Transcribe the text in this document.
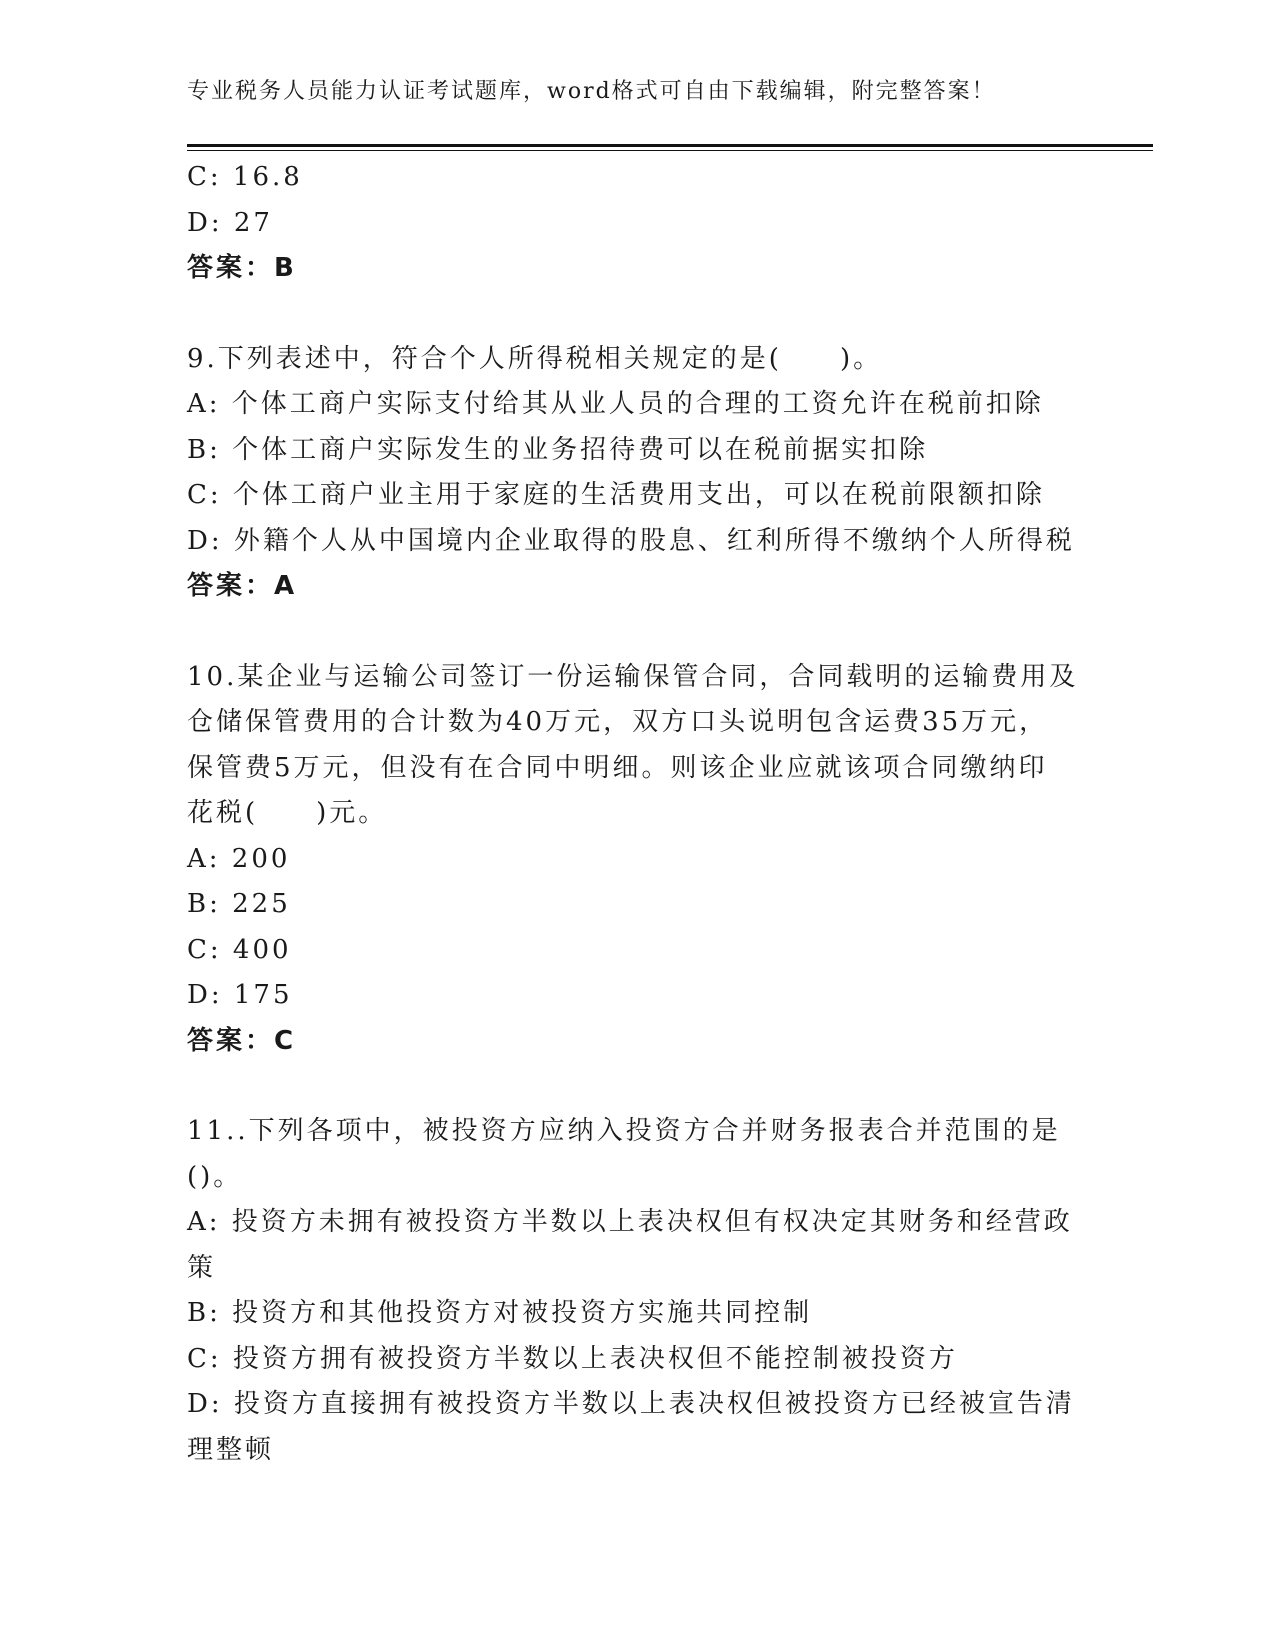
专业税务人员能力认证考试题库，word格式可自由下载编辑，附完整答案！
C: 16.8
D: 27
答案：B
9.下列表述中，符合个人所得税相关规定的是(　　)。
A: 个体工商户实际支付给其从业人员的合理的工资允许在税前扣除
B: 个体工商户实际发生的业务招待费可以在税前据实扣除
C: 个体工商户业主用于家庭的生活费用支出，可以在税前限额扣除
D: 外籍个人从中国境内企业取得的股息、红利所得不缴纳个人所得税
答案：A
10.某企业与运输公司签订一份运输保管合同，合同载明的运输费用及
仓储保管费用的合计数为40万元，双方口头说明包含运费35万元，
保管费5万元，但没有在合同中明细。则该企业应就该项合同缴纳印
花税(　　)元。
A: 200
B: 225
C: 400
D: 175
答案：C
11..下列各项中，被投资方应纳入投资方合并财务报表合并范围的是
()。
A: 投资方未拥有被投资方半数以上表决权但有权决定其财务和经营政
策
B: 投资方和其他投资方对被投资方实施共同控制
C: 投资方拥有被投资方半数以上表决权但不能控制被投资方
D: 投资方直接拥有被投资方半数以上表决权但被投资方已经被宣告清
理整顿
